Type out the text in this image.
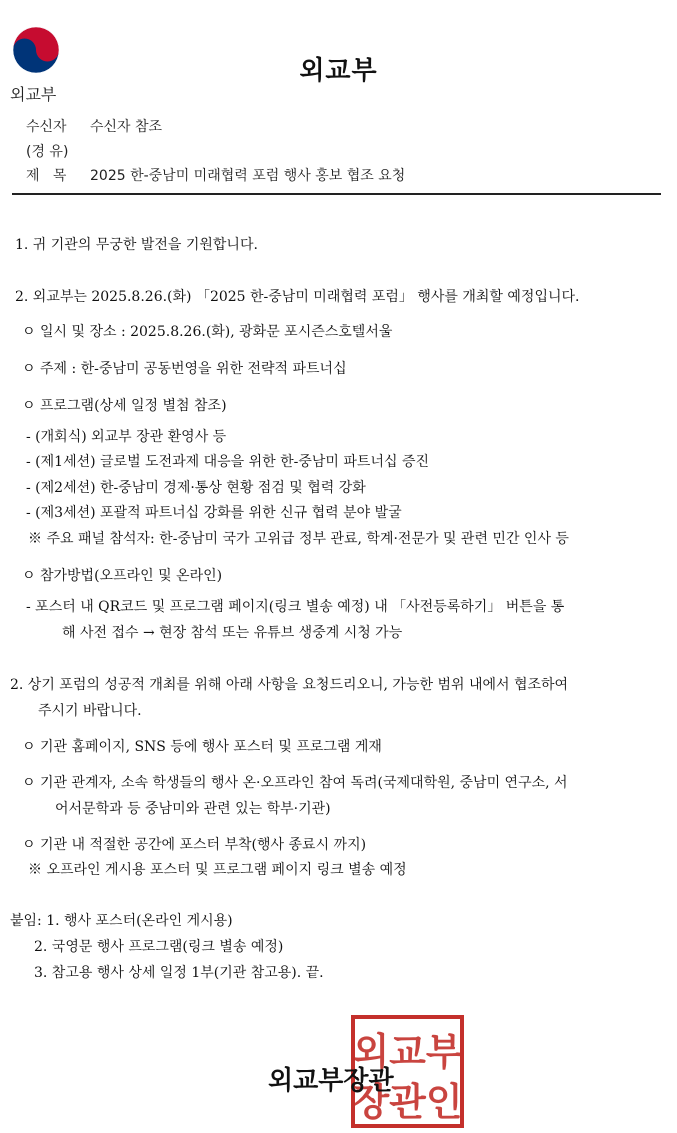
외교부
외교부
수신자 수신자 참조
(경 유)
제   목 2025 한-중남미 미래협력 포럼 행사 홍보 협조 요청
1. 귀 기관의 무궁한 발전을 기원합니다.
2. 외교부는 2025.8.26.(화) 「2025 한-중남미 미래협력 포럼」 행사를 개최할 예정입니다.
ㅇ 일시 및 장소 : 2025.8.26.(화), 광화문 포시즌스호텔서울
ㅇ 주제 : 한-중남미 공동번영을 위한 전략적 파트너십
ㅇ 프로그램(상세 일정 별첨 참조)
- (개회식) 외교부 장관 환영사 등
- (제1세션) 글로벌 도전과제 대응을 위한 한-중남미 파트너십 증진
- (제2세션) 한-중남미 경제·통상 현황 점검 및 협력 강화
- (제3세션) 포괄적 파트너십 강화를 위한 신규 협력 분야 발굴
※ 주요 패널 참석자: 한-중남미 국가 고위급 정부 관료, 학계·전문가 및 관련 민간 인사 등
ㅇ 참가방법(오프라인 및 온라인)
- 포스터 내 QR코드 및 프로그램 페이지(링크 별송 예정) 내 「사전등록하기」 버튼을 통
해 사전 접수 → 현장 참석 또는 유튜브 생중계 시청 가능
2. 상기 포럼의 성공적 개최를 위해 아래 사항을 요청드리오니, 가능한 범위 내에서 협조하여
주시기 바랍니다.
ㅇ 기관 홈페이지, SNS 등에 행사 포스터 및 프로그램 게재
ㅇ 기관 관계자, 소속 학생들의 행사 온·오프라인 참여 독려(국제대학원, 중남미 연구소, 서
어서문학과 등 중남미와 관련 있는 학부·기관)
ㅇ 기관 내 적절한 공간에 포스터 부착(행사 종료시 까지)
※ 오프라인 게시용 포스터 및 프로그램 페이지 링크 별송 예정
붙임: 1. 행사 포스터(온라인 게시용)
2. 국영문 행사 프로그램(링크 별송 예정)
3. 참고용 행사 상세 일정 1부(기관 참고용). 끝.
외교부
장관인
외교부장관
